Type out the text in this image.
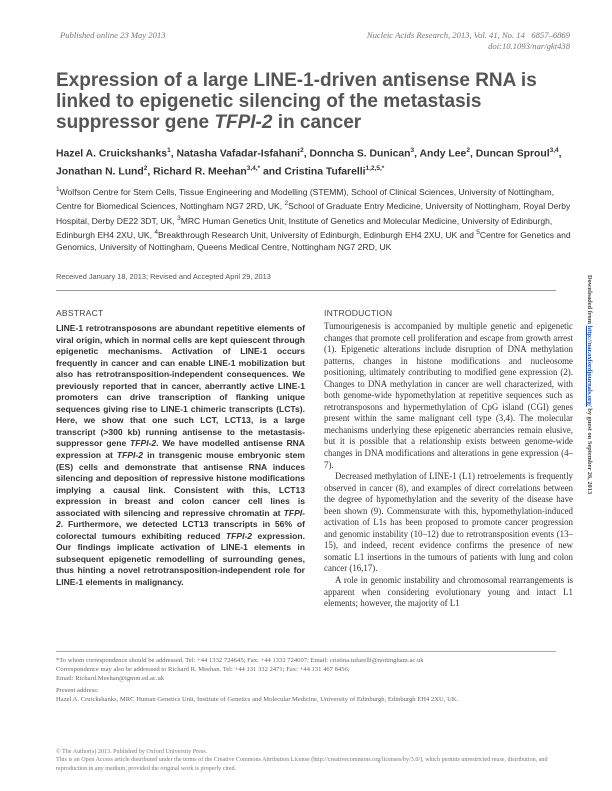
Published online 23 May 2013	Nucleic Acids Research, 2013, Vol. 41, No. 14 6857–6869
doi:10.1093/nar/gkt438
Expression of a large LINE-1-driven antisense RNA is linked to epigenetic silencing of the metastasis suppressor gene TFPI-2 in cancer
Hazel A. Cruickshanks$^1$, Natasha Vafadar-Isfahani$^2$, Donncha S. Dunican$^3$, Andy Lee$^2$, Duncan Sproul$^{3,4}$, Jonathan N. Lund$^2$, Richard R. Meehan$^{3,4,*}$ and Cristina Tufarelli$^{1,2,5,*}$
$^1$Wolfson Centre for Stem Cells, Tissue Engineering and Modelling (STEMM), School of Clinical Sciences, University of Nottingham, Centre for Biomedical Sciences, Nottingham NG7 2RD, UK, $^2$School of Graduate Entry Medicine, University of Nottingham, Royal Derby Hospital, Derby DE22 3DT, UK, $^3$MRC Human Genetics Unit, Institute of Genetics and Molecular Medicine, University of Edinburgh, Edinburgh EH4 2XU, UK, $^4$Breakthrough Research Unit, University of Edinburgh, Edinburgh EH4 2XU, UK and $^5$Centre for Genetics and Genomics, University of Nottingham, Queens Medical Centre, Nottingham NG7 2RD, UK
Received January 18, 2013; Revised and Accepted April 29, 2013
ABSTRACT

LINE-1 retrotransposons are abundant repetitive elements of viral origin, which in normal cells are kept quiescent through epigenetic mechanisms. Activation of LINE-1 occurs frequently in cancer and can enable LINE-1 mobilization but also has retrotransposition-independent consequences. We previously reported that in cancer, aberrantly active LINE-1 promoters can drive transcription of flanking unique sequences giving rise to LINE-1 chimeric transcripts (LCTs). Here, we show that one such LCT, LCT13, is a large transcript (>300 kb) running antisense to the metastasis-suppressor gene TFPI-2. We have modelled antisense RNA expression at TFPI-2 in transgenic mouse embryonic stem (ES) cells and demonstrate that antisense RNA induces silencing and deposition of repressive histone modifications implying a causal link. Consistent with this, LCT13 expression in breast and colon cancer cell lines is associated with silencing and repressive chromatin at TFPI-2. Furthermore, we detected LCT13 transcripts in 56% of colorectal tumours exhibiting reduced TFPI-2 expression. Our findings implicate activation of LINE-1 elements in subsequent epigenetic remodelling of surrounding genes, thus hinting a novel retrotransposition-independent role for LINE-1 elements in malignancy.

INTRODUCTION

Tumourigenesis is accompanied by multiple genetic and epigenetic changes that promote cell proliferation and escape from growth arrest (1). Epigenetic alterations include disruption of DNA methylation patterns, changes in histone modifications and nucleosome positioning, ultimately contributing to modified gene expression (2). Changes to DNA methylation in cancer are well characterized, with both genome-wide hypomethylation at repetitive sequences such as retrotransposons and hypermethylation of CpG island (CGI) genes present within the same malignant cell type (3,4). The molecular mechanisms underlying these epigenetic aberrancies remain elusive, but it is possible that a relationship exists between genome-wide changes in DNA modifications and alterations in gene expression (4–7).

Decreased methylation of LINE-1 (L1) retroelements is frequently observed in cancer (8), and examples of direct correlations between the degree of hypomethylation and the severity of the disease have been shown (9). Commensurate with this, hypomethylation-induced activation of L1s has been proposed to promote cancer progression and genomic instability (10–12) due to retrotransposition events (13–15), and indeed, recent evidence confirms the presence of new somatic L1 insertions in the tumours of patients with lung and colon cancer (16,17).

A role in genomic instability and chromosomal rearrangements is apparent when considering evolutionary young and intact L1 elements; however, the majority of L1

*To whom correspondence should be addressed. Tel: +44 1332 724645; Fax: +44 1332 724697; Email: cristina.tufarelli@nottingham.ac.uk
Correspondence may also be addressed to Richard R. Meehan. Tel: +44 131 332 2471; Fax: +44 131 467 8456;
Email: Richard.Meehan@igmm.ed.ac.uk
Present address:
Hazel A. Cruickshanks, MRC Human Genetics Unit, Institute of Genetics and Molecular Medicine, University of Edinburgh, Edinburgh EH4 2XU, UK.
© The Author(s) 2013. Published by Oxford University Press.
This is an Open Access article distributed under the terms of the Creative Commons Attribution License (http://creativecommons.org/licenses/by/3.0/), which permits unrestricted reuse, distribution, and reproduction in any medium, provided the original work is properly cited.
Downloaded from http://nar.oxfordjournals.org/ by guest on September 26, 2013
